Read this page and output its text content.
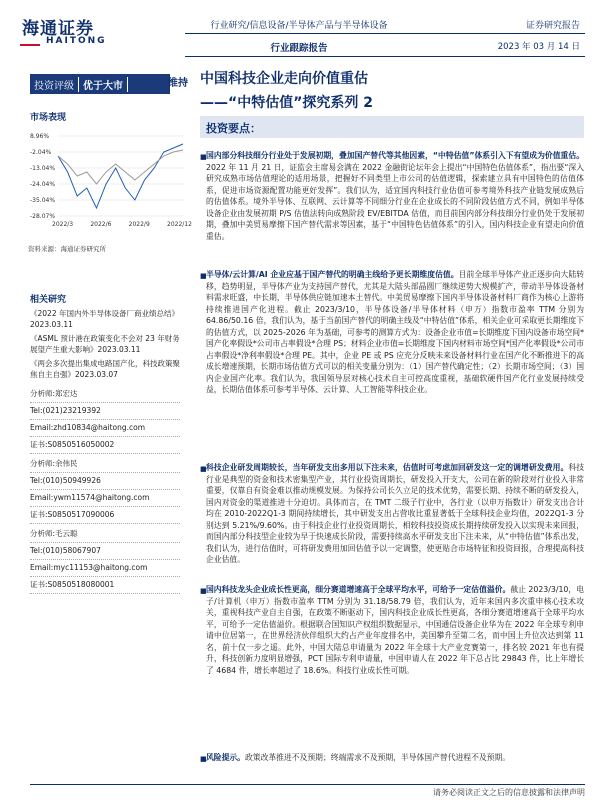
海通证券
HAITONG
行业研究/信息设备/半导体产品与半导体设备
行业跟踪报告
证券研究报告
2023 年 03 月 14 日
投资评级 优于大市	维持 中国科技企业走向价值重估
——“中特估值”探究系列 2
市场表现
8.96%
-2.04%
-13.04%
-24.04%
-35.04%
-28.07%
2022/3	2022/6	2022/9	2022/12
资料来源：海通证券研究所
相关研究
《2022 年国内外半导体设备厂商业绩总结》2023.03.11
《ASML 预计港在政策变化不会对 23 年财务展望产生重大影响》2023.03.11
《两会多次提出集成电路国产化，科技政策聚焦自主自强》2023.03.07
分析师:郑宏达
Tel:(021)23219392
Email:zhd10834@haitong.com
证书:S0850516050002
分析师:余伟民
Tel:(010)50949926
Email:ywm11574@haitong.com
证书:S0850517090006
分析师:毛云聪
Tel:(010)58067907
Email:myc11153@haitong.com
证书:S0850518080001
投资要点：
■ 国内部分科技细分行业处于发展初期，叠加国产替代等其他因素，“中特估值”体系引入下有望成为价值重估。2022 年 11 月 21 日，证监会主席易会满在 2022 金融街论坛年会上提出“中国特色估值体系”，指出要“深入研究成熟市场估值理论的适用场景，把握好不同类型上市公司的估值逻辑，探索建立具有中国特色的估值体系，促进市场资源配置功能更好发挥”。我们认为，适宜国内科技行业估值可参考境外科技产业链发展成熟后的估值体系。境外半导体、互联网、云计算等不同细分行业在企业成长的不同阶段估值方式不同，例如半导体设备企业由发展初期 P/S 估值法转向成熟阶段 EV/EBITDA 估值，而目前国内部分科技细分行业仍处于发展初期，叠加中美贸易摩擦下国产替代需求等因素，基于“中国特色估值体系”的引入，国内科技企业有望走向价值重估。
■ 半导体/云计算/AI 企业应基于国产替代的明确主线给予更长期维度估值。目前全球半导体产业正逐步向大陆转移，趋势明显，半导体产业为支持国产替代，尤其是大陆头部晶圆厂继续逆势大规模扩产，带动半导体设备材料需求旺盛，中长期，半导体供应链加速本土替代。中美贸易摩擦下国内半导体设备材料厂商作为核心上游将持续推进国产化进程。截止 2023/3/10，半导体设备/半导体材料（申万）指数市盈率 TTM 分别为 64.86/50.16 倍，我们认为，基于当前国产替代的明确主线及“中特估值”体系，相关企业可采取更长期维度下的估值方式，以 2025-2026 年为基础，可参考的测算方式为：设备企业市值=长期维度下国内设备市场空间*国产化率假设*公司市占率假设*合理 PS；材料企业市值=长期维度下国内材料市场空间*国产化率假设*公司市占率假设*净利率假设*合理 PE。其中，企业 PE 或 PS 应充分反映未来设备材料行业在国产化不断推进下的高成长增速预期，长期市场估值方式可以的相关变量分别为：（1）国产替代确定性；（2）长期市场空间；（3）国内企业国产化率。我们认为，我国领导层对核心技术自主可控高度重视，基础软硬件国产化行业发展持续受益，长期估值体系可参考半导体、云计算、人工智能等科技企业。
■ 科技企业研发周期较长，当年研发支出多用以下注未来，估值时可考虑加回研发这一定的调增研发费用。科技行业是典型的资金和技术密集型产业，其行业投资周期长，研发投入开支大，公司在新的阶段对行业投入非常重要，仅靠自有资金难以推动规模发展。为保持公司长久立足的技术优势，需要长期、持续不断的研发投入，国内对资金的渠道推进十分迫切。具体而言，在 TMT 二级子行业中，各行业（以申万指数计）研发支出合计均在 2010-2022Q1-3 期间持续增长，其中研发支出占营收比重显著低于全球科技企业均值，2022Q1-3 分别达到 5.21%/9.60%。由于科技企业行业投资周期长，相较科技投资成长期持续研发投入以实现未来回报，而国内部分科技型企业较为早于快速成长阶段，需要持续高水平研发支出下注未来，从“中特估值”体系出发，我们认为，进行估值时，可将研发费用加回估值予以一定调整，使更贴合市场特征和投资回报，合理提高科技企业估值。
■ 国内科技龙头企业成长性更高，细分赛道增速高于全球平均水平，可给予一定估值溢价。截止 2023/3/10，电子/计算机（申万）指数市盈率 TTM 分别为 31.18/58.79 倍，我们认为，近年来国内多次重申核心技术攻关，重视科技产业自主自强，在政策不断驱动下，国内科技企业成长性更高，各细分赛道增速高于全球平均水平，可给予一定估值溢价。根据联合国知识产权组织数据显示，中国通信设备企业华为在 2022 年全球专利申请中位居第一，在世界经济伙伴组织大约占产业年度排名中，美国攀升至第二名，而中国上升位次达到第 11 名，前十仅一步之遥。此外，中国大陆总申请量为 2022 年全球十大产业竞赛第一，排名较 2021 年也有提升，科技创新力度明显增强，PCT 国际专利申请量，中国申请人在 2022 年下总占比 29843 件，比上年增长了 4684 件，增长率超过了 18.6%。科技行业成长性可期。
■ 风险提示。政策改革推进不及预期；终端需求不及预期，半导体国产替代进程不及预期。
请务必阅读正文之后的信息披露和法律声明
